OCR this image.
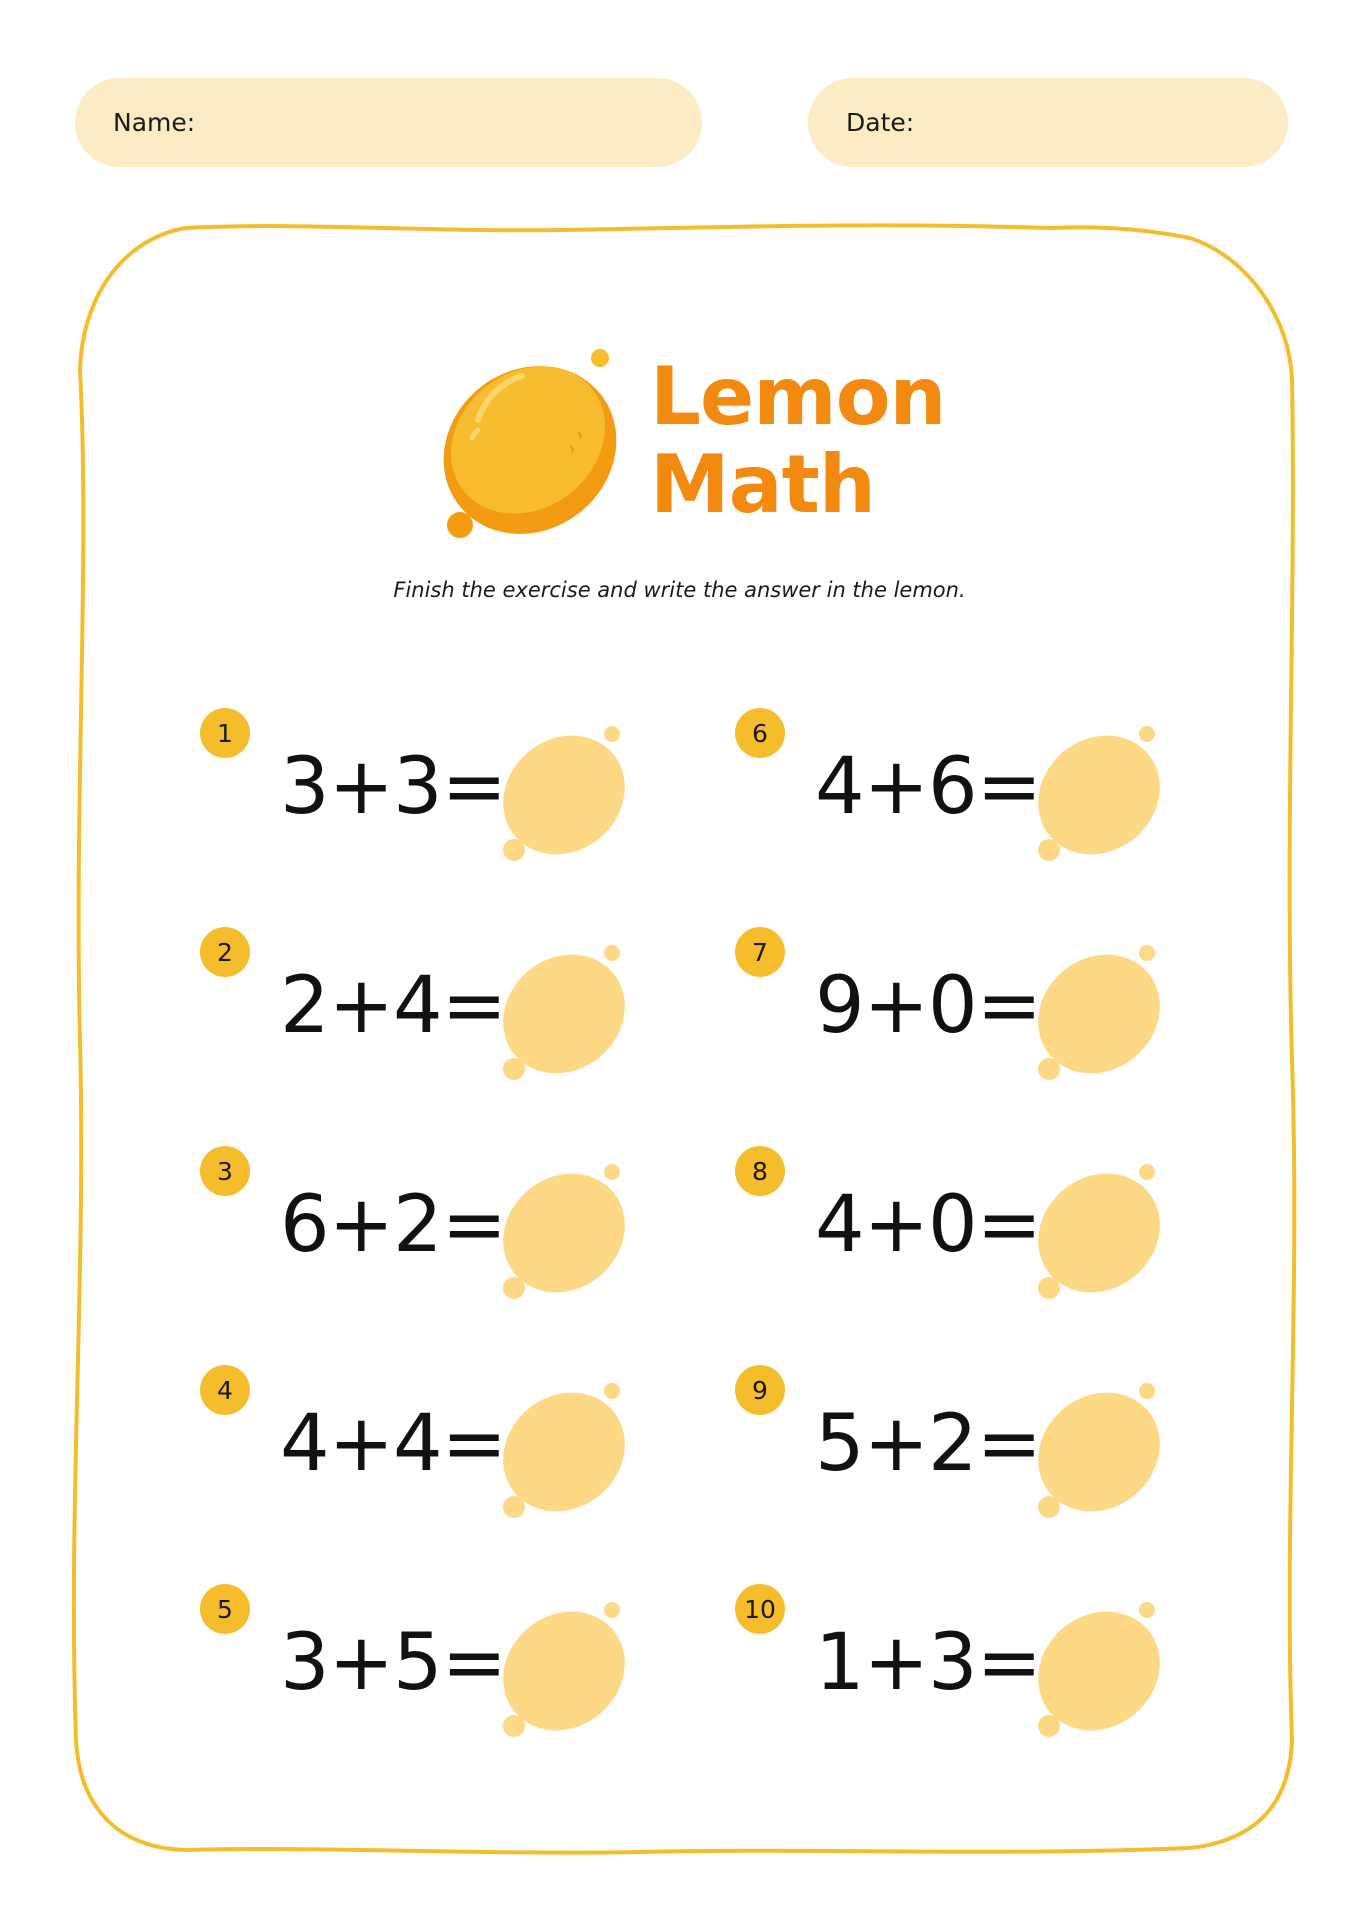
Name:	Date:
Lemon
Math
Finish the exercise and write the answer in the lemon.
1
3+3=
2
2+4=
3
6+2=
4
4+4=
5
3+5=
6
4+6=
7
9+0=
8
4+0=
9
5+2=
10
1+3=
